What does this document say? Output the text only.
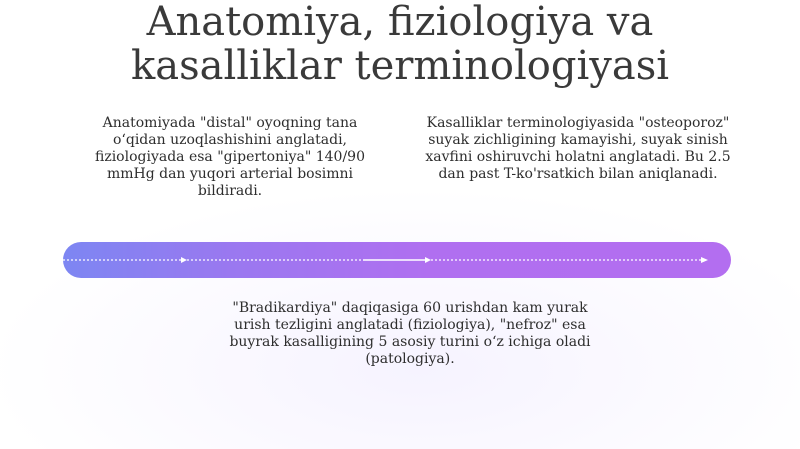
Anatomiya, fiziologiya va
kasalliklar terminologiyasi
Anatomiyada "distal" oyoqning tana o‘qidan uzoqlashishini anglatadi, fiziologiyada esa "gipertoniya" 140/90 mmHg dan yuqori arterial bosimni bildiradi.
Kasalliklar terminologiyasida "osteoporoz" suyak zichligining kamayishi, suyak sinish xavfini oshiruvchi holatni anglatadi. Bu 2.5 dan past T-ko'rsatkich bilan aniqlanadi.
"Bradikardiya" daqiqasiga 60 urishdan kam yurak urish tezligini anglatadi (fiziologiya), "nefroz" esa buyrak kasalligining 5 asosiy turini o‘z ichiga oladi (patologiya).
